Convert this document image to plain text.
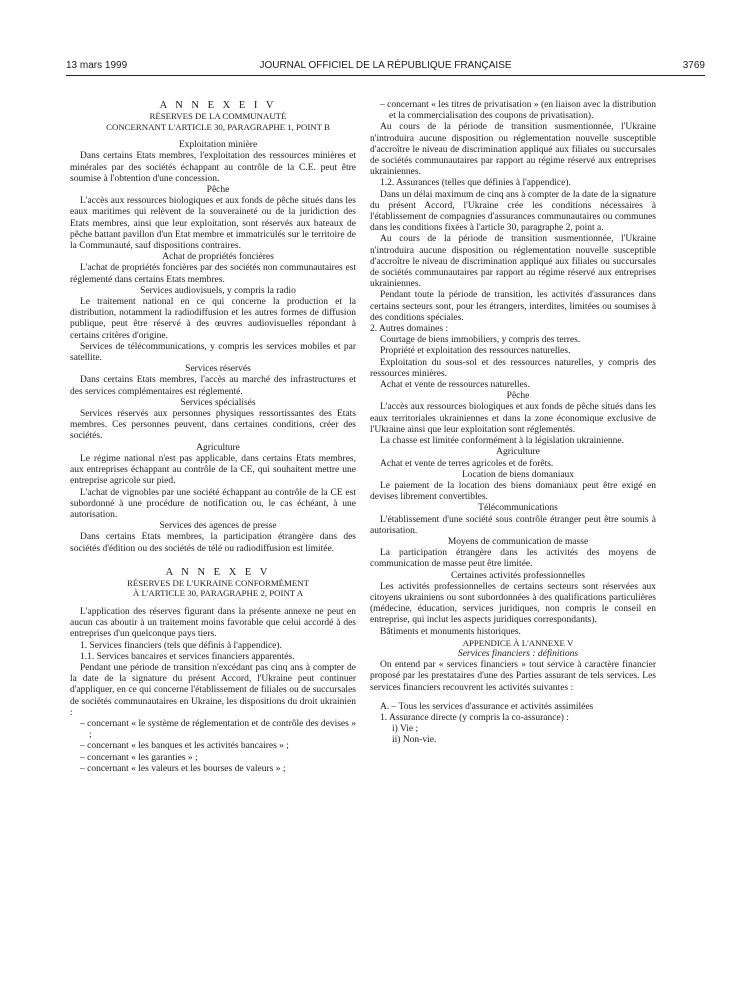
13 mars 1999	JOURNAL OFFICIEL DE LA RÉPUBLIQUE FRANÇAISE	3769

A N N E X E I V

RÉSERVES DE LA COMMUNAUTÉ

CONCERNANT L'ARTICLE 30, PARAGRAPHE 1, POINT B

Exploitation minière

Dans certains Etats membres, l'exploitation des ressources minières et minérales par des sociétés échappant au contrôle de la C.E. peut être soumise à l'obtention d'une concession.

Pêche

L'accès aux ressources biologiques et aux fonds de pêche situés dans les eaux maritimes qui relèvent de la souveraineté ou de la juridiction des Etats membres, ainsi que leur exploitation, sont réservés aux bateaux de pêche battant pavillon d'un Etat membre et immatriculés sur le territoire de la Communauté, sauf dispositions contraires.

Achat de propriétés foncières

L'achat de propriétés foncières par des sociétés non communautaires est réglementé dans certains Etats membres.

Services audiovisuels, y compris la radio

Le traitement national en ce qui concerne la production et la distribution, notamment la radiodiffusion et les autres formes de diffusion publique, peut être réservé à des œuvres audiovisuelles répondant à certains critères d'origine.

Services de télécommunications, y compris les services mobiles et par satellite.

Services réservés

Dans certains Etats membres, l'accès au marché des infrastructures et des services complémentaires est réglementé.

Services spécialisés

Services réservés aux personnes physiques ressortissantes des Etats membres. Ces personnes peuvent, dans certaines conditions, créer des sociétés.

Agriculture

Le régime national n'est pas applicable, dans certains Etats membres, aux entreprises échappant au contrôle de la CE, qui souhaitent mettre une entreprise agricole sur pied.

L'achat de vignobles par une société échappant au contrôle de la CE est subordonné à une procédure de notification ou, le cas échéant, à une autorisation.

Services des agences de presse

Dans certains Etats membres, la participation étrangère dans des sociétés d'édition ou des sociétés de télé ou radiodiffusion est limitée.

A N N E X E V

RÉSERVES DE L'UKRAINE CONFORMÉMENT

À L'ARTICLE 30, PARAGRAPHE 2, POINT A

L'application des réserves figurant dans la présente annexe ne peut en aucun cas aboutir à un traitement moins favorable que celui accordé à des entreprises d'un quelconque pays tiers.

1. Services financiers (tels que définis à l'appendice).

1.1. Services bancaires et services financiers apparentés.

Pendant une période de transition n'excédant pas cinq ans à compter de la date de la signature du présent Accord, l'Ukraine peut continuer d'appliquer, en ce qui concerne l'établissement de filiales ou de succursales de sociétés communautaires en Ukraine, les dispositions du droit ukrainien :

– concernant « le système de réglementation et de contrôle des devises » ;

– concernant « les banques et les activités bancaires » ;

– concernant « les garanties » ;

– concernant « les valeurs et les bourses de valeurs » ;

– concernant « les titres de privatisation » (en liaison avec la distribution et la commercialisation des coupons de privatisation).

Au cours de la période de transition susmentionnée, l'Ukraine n'introduira aucune disposition ou réglementation nouvelle susceptible d'accroître le niveau de discrimination appliqué aux filiales ou succursales de sociétés communautaires par rapport au régime réservé aux entreprises ukrainiennes.

1.2. Assurances (telles que définies à l'appendice).

Dans un délai maximum de cinq ans à compter de la date de la signature du présent Accord, l'Ukraine crée les conditions nécessaires à l'établissement de compagnies d'assurances communautaires ou communes dans les conditions fixées à l'article 30, paragraphe 2, point a.

Au cours de la période de transition susmentionnée, l'Ukraine n'introduira aucune disposition ou réglementation nouvelle susceptible d'accroître le niveau de discrimination appliqué aux filiales ou succursales de sociétés communautaires par rapport au régime réservé aux entreprises ukrainiennes.

Pendant toute la période de transition, les activités d'assurances dans certains secteurs sont, pour les étrangers, interdites, limitées ou soumises à des conditions spéciales.

2. Autres domaines :

Courtage de biens immobiliers, y compris des terres.

Propriété et exploitation des ressources naturelles.

Exploitation du sous-sol et des ressources naturelles, y compris des ressources minières.

Achat et vente de ressources naturelles.

Pêche

L'accès aux ressources biologiques et aux fonds de pêche situés dans les eaux territoriales ukrainiennes et dans la zone économique exclusive de l'Ukraine ainsi que leur exploitation sont réglementés.

La chasse est limitée conformément à la législation ukrainienne.

Agriculture

Achat et vente de terres agricoles et de forêts.

Location de biens domaniaux

Le paiement de la location des biens domaniaux peut être exigé en devises librement convertibles.

Télécommunications

L'établissement d'une société sous contrôle étranger peut être soumis à autorisation.

Moyens de communication de masse

La participation étrangère dans les activités des moyens de communication de masse peut être limitée.

Certaines activités professionnelles

Les activités professionnelles de certains secteurs sont réservées aux citoyens ukrainiens ou sont subordonnées à des qualifications particulières (médecine, éducation, services juridiques, non compris le conseil en entreprise, qui inclut les aspects juridiques correspondants).

Bâtiments et monuments historiques.

APPENDICE À L'ANNEXE V

Services financiers : définitions

On entend par « services financiers » tout service à caractère financier proposé par les prestataires d'une des Parties assurant de tels services. Les services financiers recouvrent les activités suivantes :

A. – Tous les services d'assurance et activités assimilées

1. Assurance directe (y compris la co-assurance) :

i) Vie ;

ii) Non-vie.
